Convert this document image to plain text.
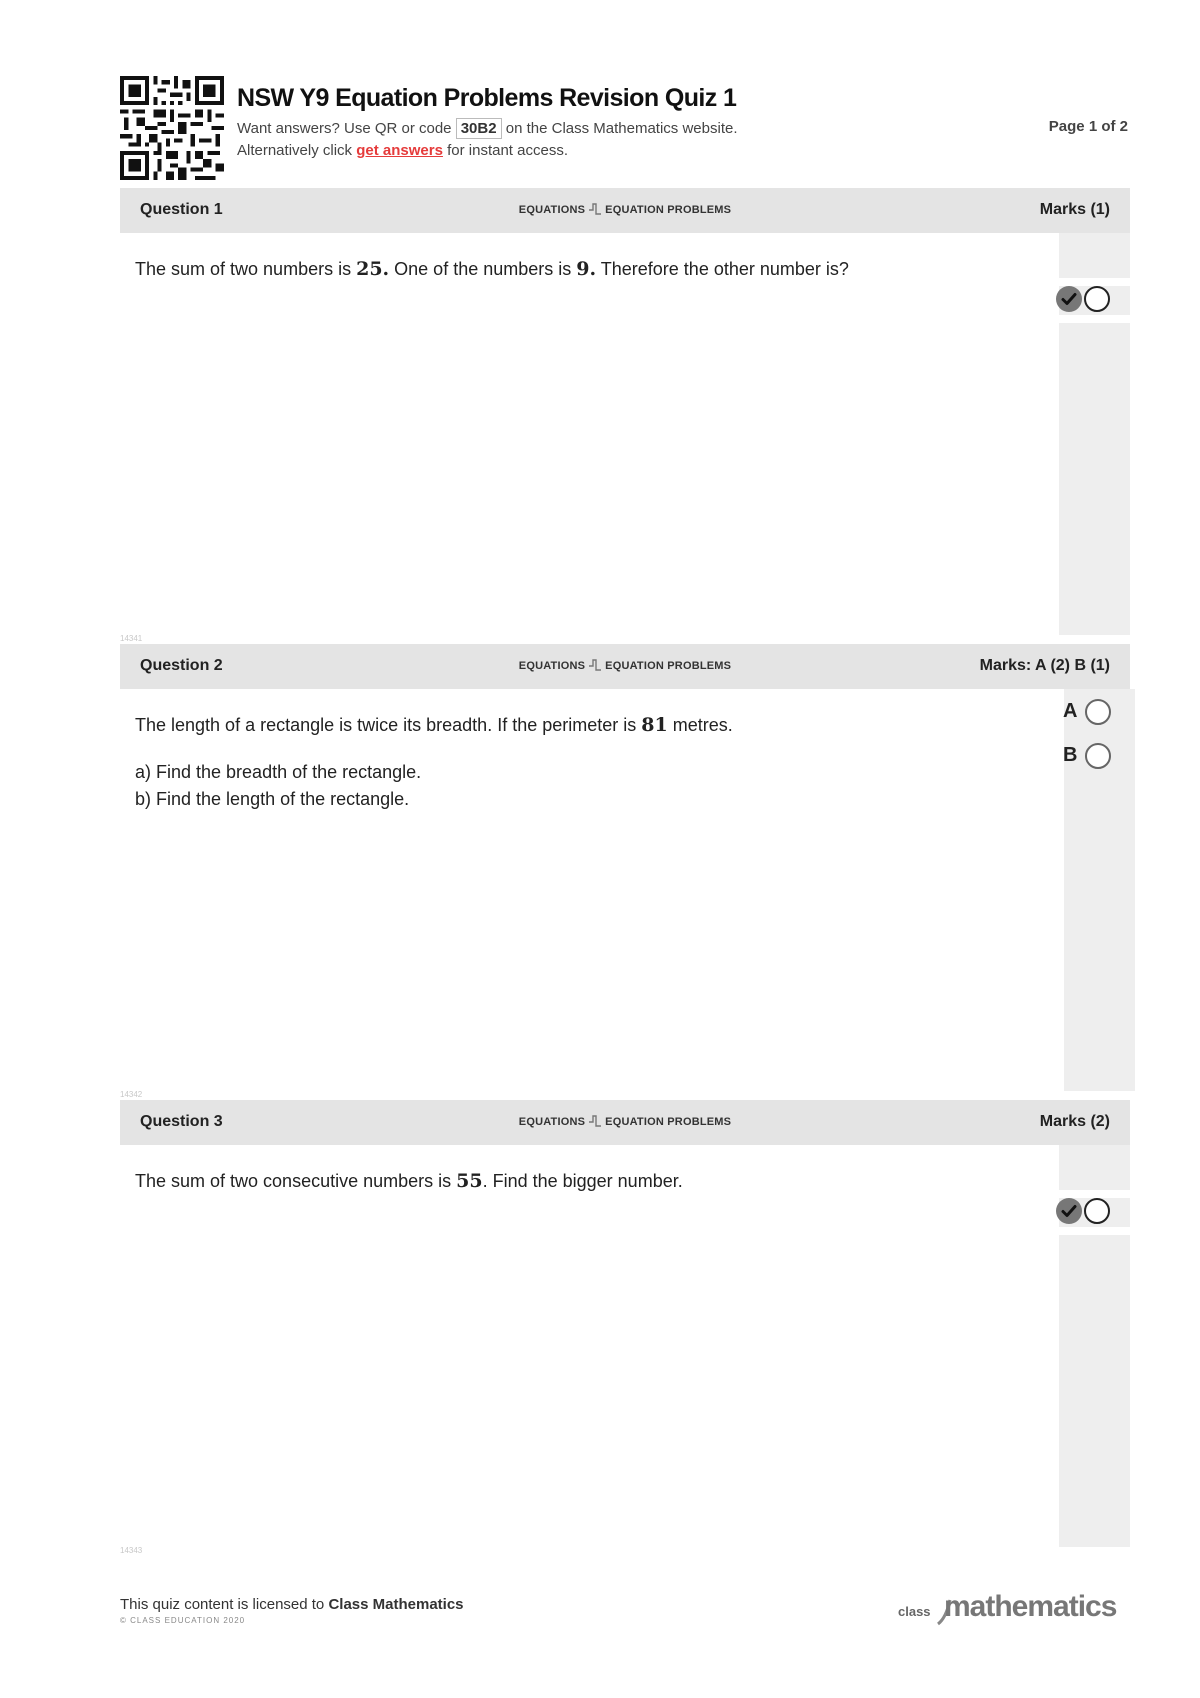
NSW Y9 Equation Problems Revision Quiz 1
Want answers? Use QR or code 30B2 on the Class Mathematics website.
Alternatively click get answers for instant access.
Page 1 of 2
Question 1	EQUATIONS EQUATION PROBLEMS	Marks (1)
The sum of two numbers is 25. One of the numbers is 9. Therefore the other number is?
14341
Question 2	EQUATIONS EQUATION PROBLEMS	Marks: A (2) B (1)
A
B
The length of a rectangle is twice its breadth. If the perimeter is 81 metres.
a) Find the breadth of the rectangle.
b) Find the length of the rectangle.
14342
Question 3	EQUATIONS EQUATION PROBLEMS	Marks (2)
The sum of two consecutive numbers is 55. Find the bigger number.
14343
This quiz content is licensed to Class Mathematics
© CLASS EDUCATION 2020
class mathematics
